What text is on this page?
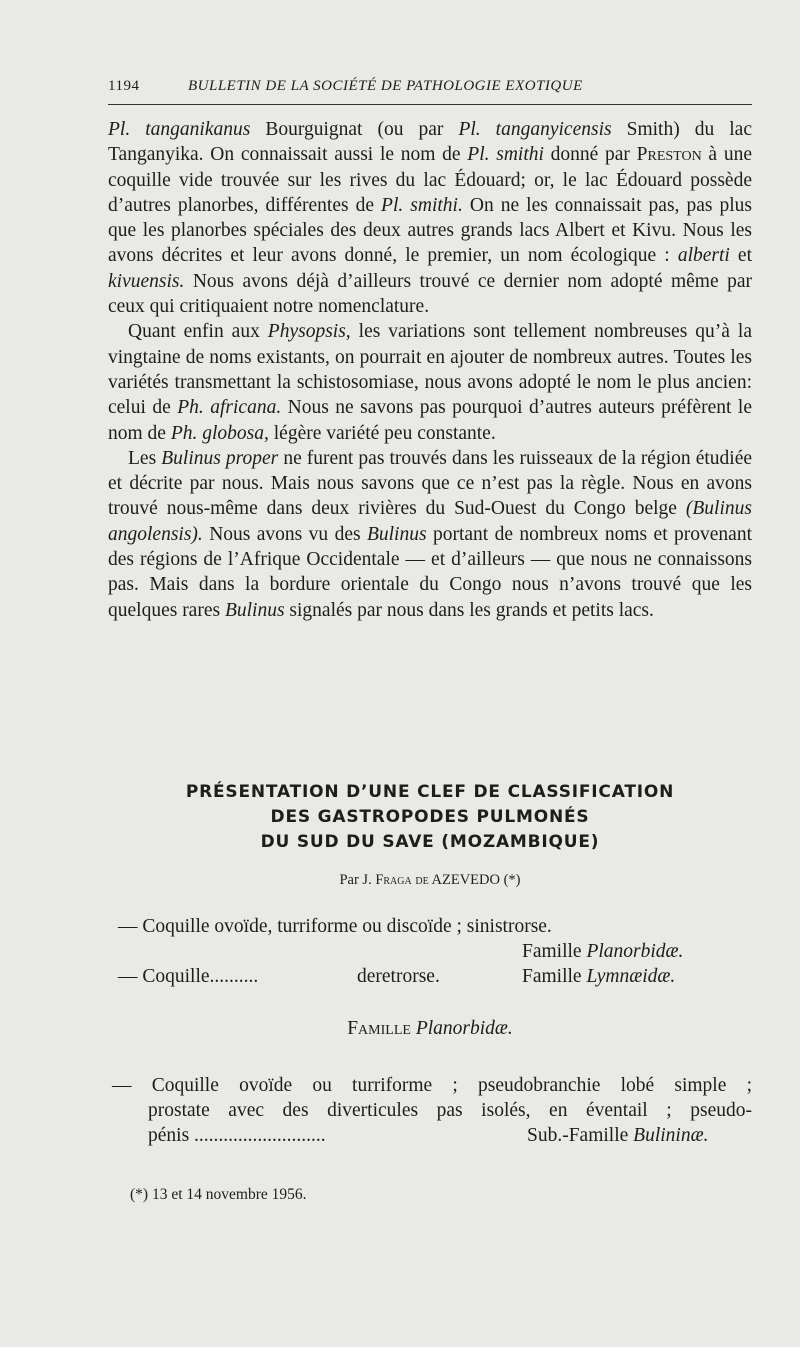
1194	BULLETIN DE LA SOCIÉTÉ DE PATHOLOGIE EXOTIQUE

Pl. tanganikanus Bourguignat (ou par Pl. tanganyicensis Smith) du lac Tanganyika. On connaissait aussi le nom de Pl. smithi donné par Preston à une coquille vide trouvée sur les rives du lac Édouard; or, le lac Édouard possède d’autres planorbes, différentes de Pl. smithi. On ne les connaissait pas, pas plus que les planorbes spéciales des deux autres grands lacs Albert et Kivu. Nous les avons décrites et leur avons donné, le premier, un nom écologique : alberti et kivuensis. Nous avons déjà d’ailleurs trouvé ce dernier nom adopté même par ceux qui critiquaient notre nomenclature.

Quant enfin aux Physopsis, les variations sont tellement nombreuses qu’à la vingtaine de noms existants, on pourrait en ajouter de nombreux autres. Toutes les variétés transmettant la schistosomiase, nous avons adopté le nom le plus ancien: celui de Ph. africana. Nous ne savons pas pourquoi d’autres auteurs préfèrent le nom de Ph. globosa, légère variété peu constante.

Les Bulinus proper ne furent pas trouvés dans les ruisseaux de la région étudiée et décrite par nous. Mais nous savons que ce n’est pas la règle. Nous en avons trouvé nous-même dans deux rivières du Sud-Ouest du Congo belge (Bulinus angolensis). Nous avons vu des Bulinus portant de nombreux noms et provenant des régions de l’Afrique Occidentale — et d’ailleurs — que nous ne connaissons pas. Mais dans la bordure orientale du Congo nous n’avons trouvé que les quelques rares Bulinus signalés par nous dans les grands et petits lacs.

PRÉSENTATION D’UNE CLEF DE CLASSIFICATION
DES GASTROPODES PULMONÉS
DU SUD DU SAVE (MOZAMBIQUE)
Par J. Fraga de AZEVEDO (*)
— Coquille ovoïde, turriforme ou discoïde ; sinistrorse.
Famille Planorbidæ.
— Coquille..........	deretrorse.	Famille Lymnæidæ.
Famille Planorbidæ.
— Coquille ovoïde ou turriforme ; pseudobranchie lobé simple ;
prostate avec des diverticules pas isolés, en éventail ; pseudo-
pénis ...........................	Sub.-Famille Bulininæ.
(*) 13 et 14 novembre 1956.
